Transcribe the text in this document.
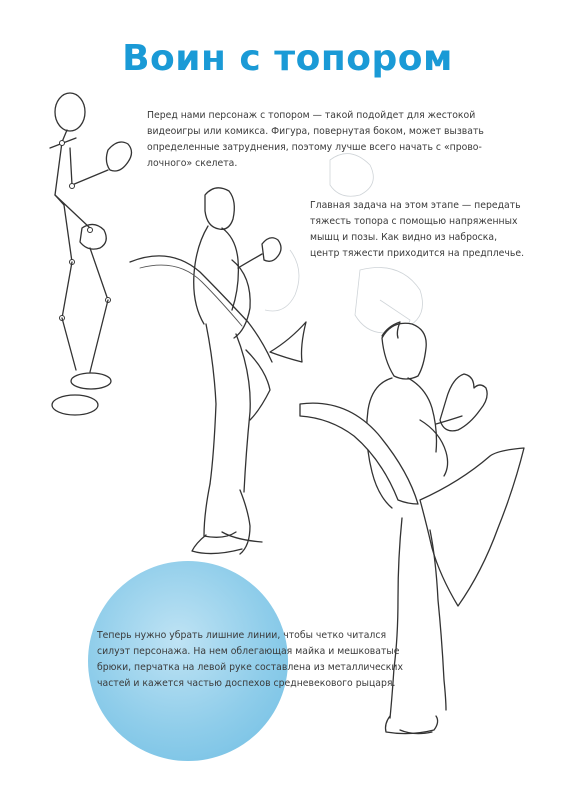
Воин с топором
Перед нами персонаж с топором — такой подойдет для жестокой
видеоигры или комикса. Фигура, повернутая боком, может вызвать
определенные затруднения, поэтому лучше всего начать с «прово-
лочного» скелета.
Главная задача на этом этапе — передать
тяжесть топора с помощью напряженных
мышц и позы. Как видно из наброска,
центр тяжести приходится на предплечье.
Теперь нужно убрать лишние линии, чтобы четко читался
силуэт персонажа. На нем облегающая майка и мешковатые
брюки, перчатка на левой руке составлена из металлических
частей и кажется частью доспехов средневекового рыцаря.
